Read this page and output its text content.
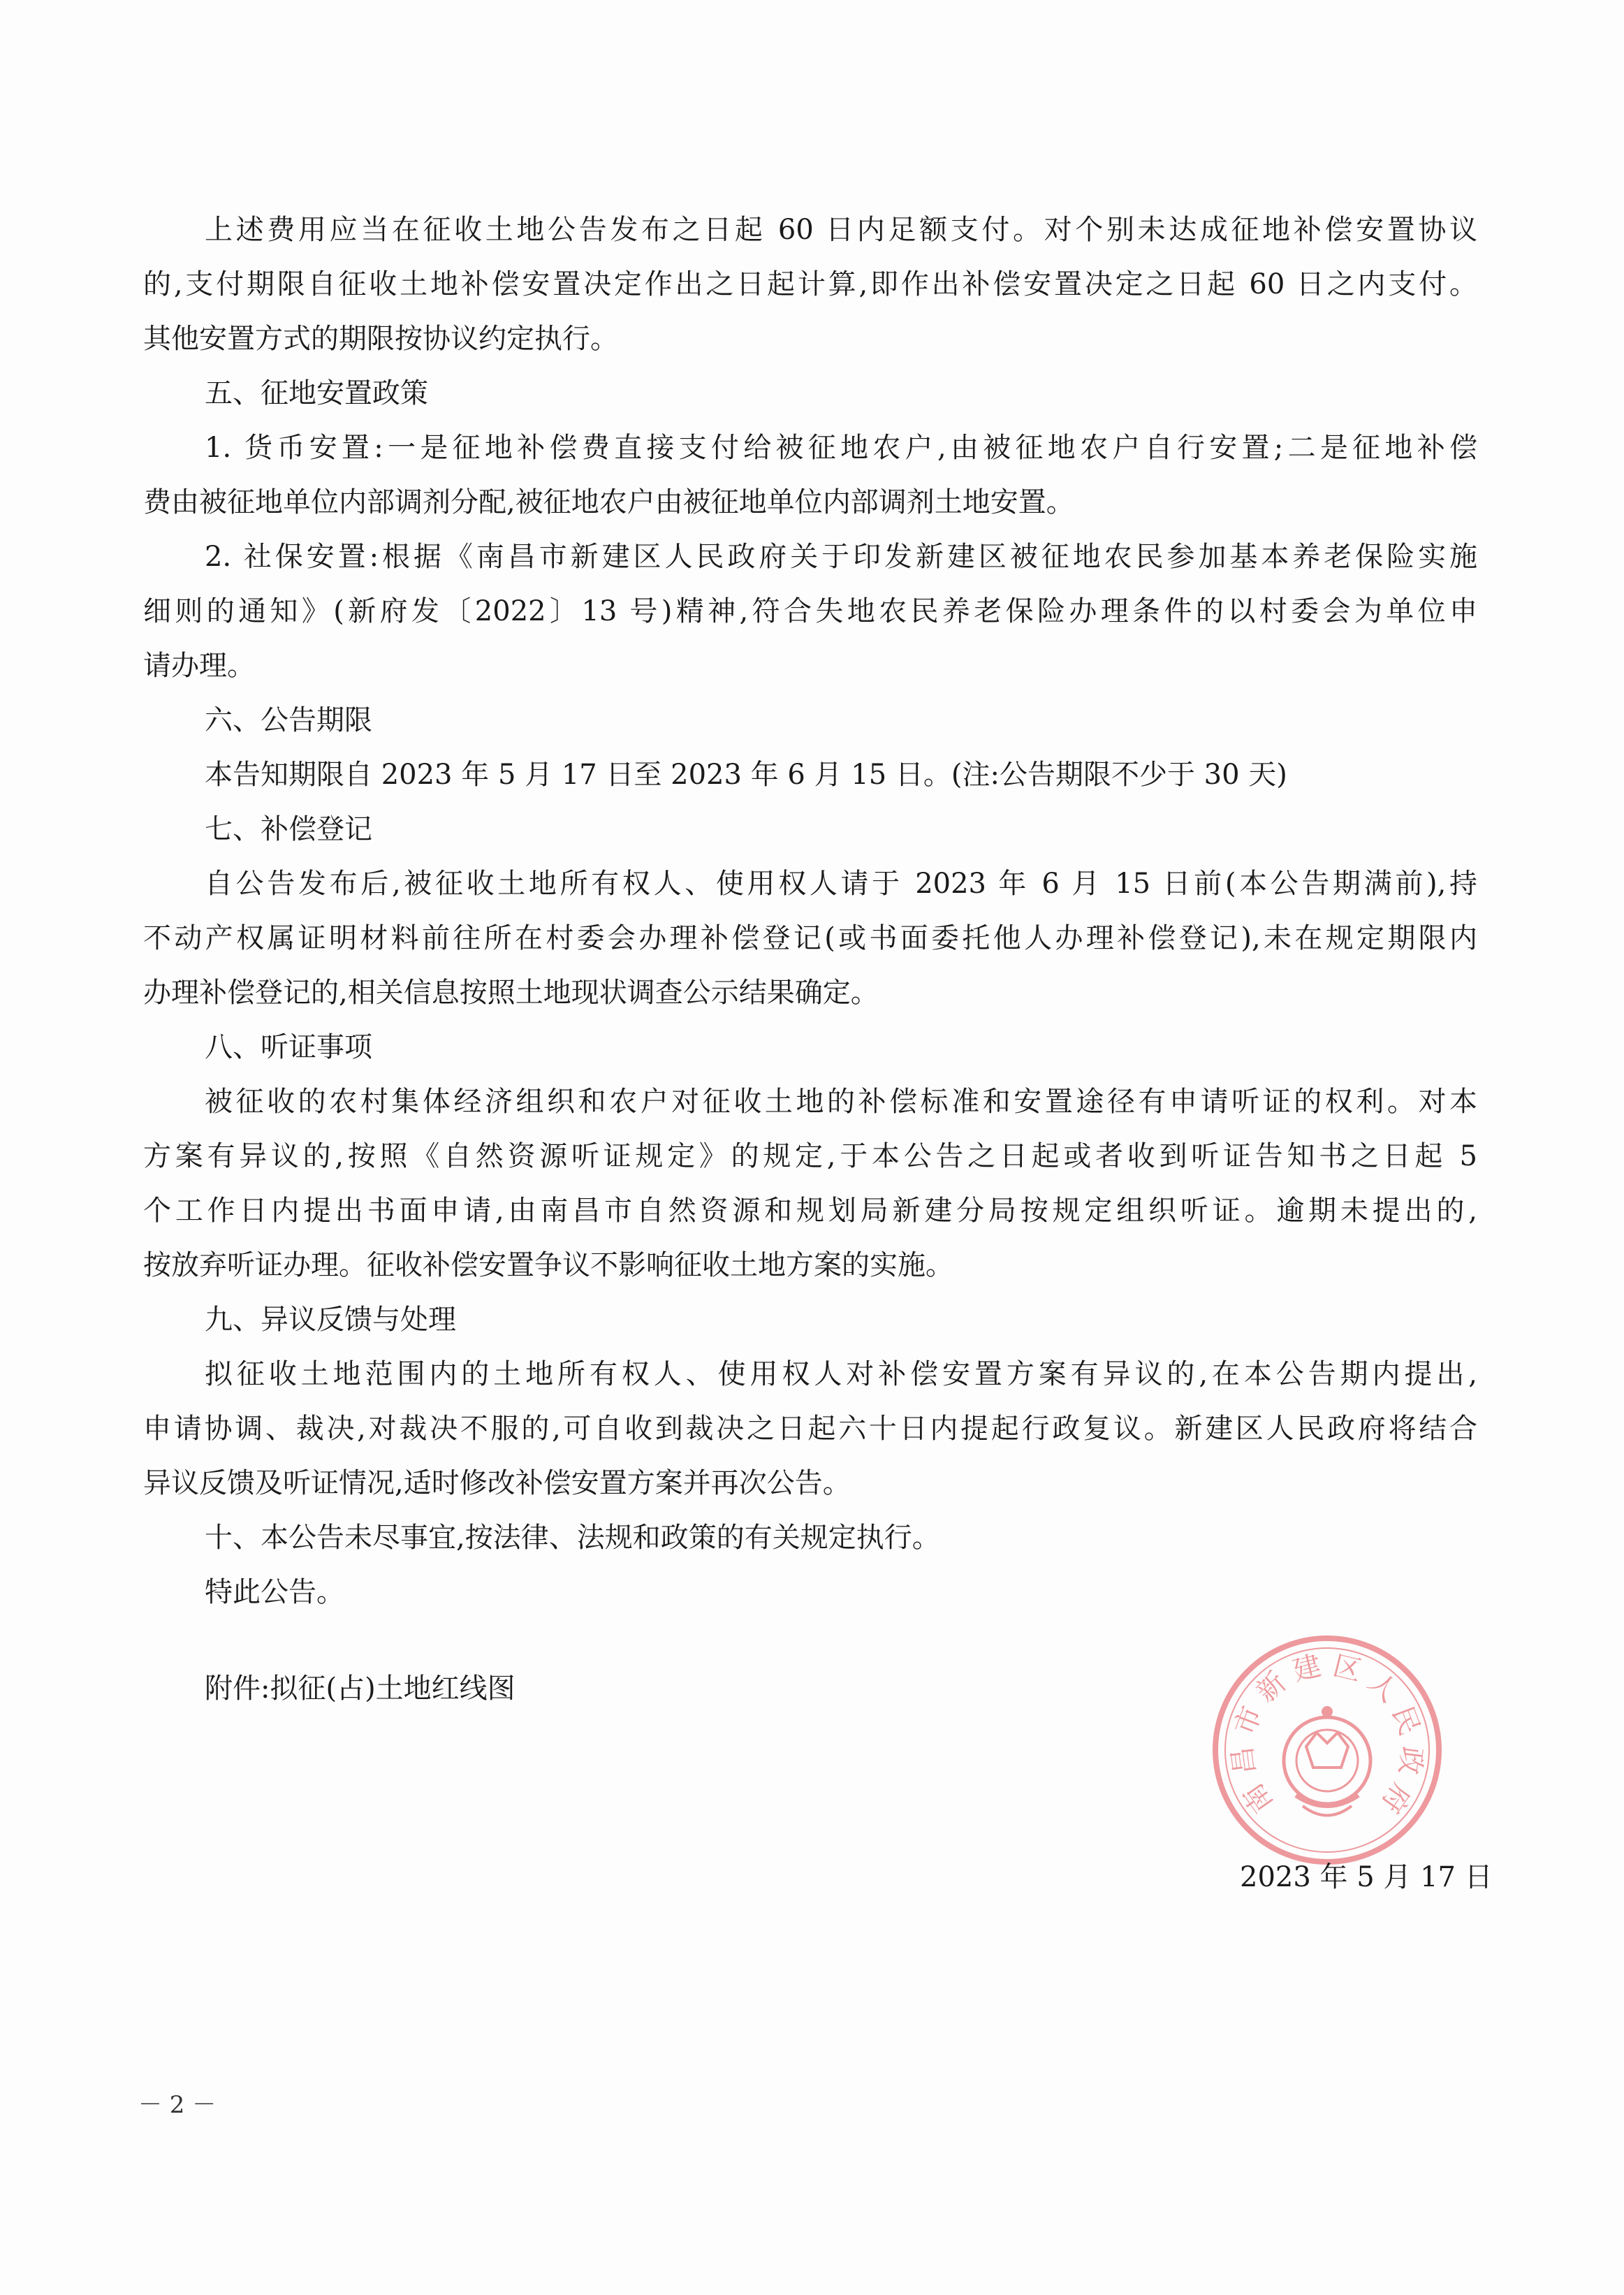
上述费用应当在征收土地公告发布之日起 60 日内足额支付。对个别未达成征地补偿安置协议
的,支付期限自征收土地补偿安置决定作出之日起计算,即作出补偿安置决定之日起 60 日之内支付。
其他安置方式的期限按协议约定执行。
五、征地安置政策
1. 货币安置:一是征地补偿费直接支付给被征地农户,由被征地农户自行安置;二是征地补偿
费由被征地单位内部调剂分配,被征地农户由被征地单位内部调剂土地安置。
2. 社保安置:根据《南昌市新建区人民政府关于印发新建区被征地农民参加基本养老保险实施
细则的通知》(新府发〔2022〕13 号)精神,符合失地农民养老保险办理条件的以村委会为单位申
请办理。
六、公告期限
本告知期限自 2023 年 5 月 17 日至 2023 年 6 月 15 日。(注:公告期限不少于 30 天)
七、补偿登记
自公告发布后,被征收土地所有权人、使用权人请于 2023 年 6 月 15 日前(本公告期满前),持
不动产权属证明材料前往所在村委会办理补偿登记(或书面委托他人办理补偿登记),未在规定期限内
办理补偿登记的,相关信息按照土地现状调查公示结果确定。
八、听证事项
被征收的农村集体经济组织和农户对征收土地的补偿标准和安置途径有申请听证的权利。对本
方案有异议的,按照《自然资源听证规定》的规定,于本公告之日起或者收到听证告知书之日起 5
个工作日内提出书面申请,由南昌市自然资源和规划局新建分局按规定组织听证。逾期未提出的,
按放弃听证办理。征收补偿安置争议不影响征收土地方案的实施。
九、异议反馈与处理
拟征收土地范围内的土地所有权人、使用权人对补偿安置方案有异议的,在本公告期内提出,
申请协调、裁决,对裁决不服的,可自收到裁决之日起六十日内提起行政复议。新建区人民政府将结合
异议反馈及听证情况,适时修改补偿安置方案并再次公告。
十、本公告未尽事宜,按法律、法规和政策的有关规定执行。
特此公告。
附件:拟征(占)土地红线图
南
昌
市
新
建 区
人
民
政
府
2023 年 5 月 17 日
－ 2 －
